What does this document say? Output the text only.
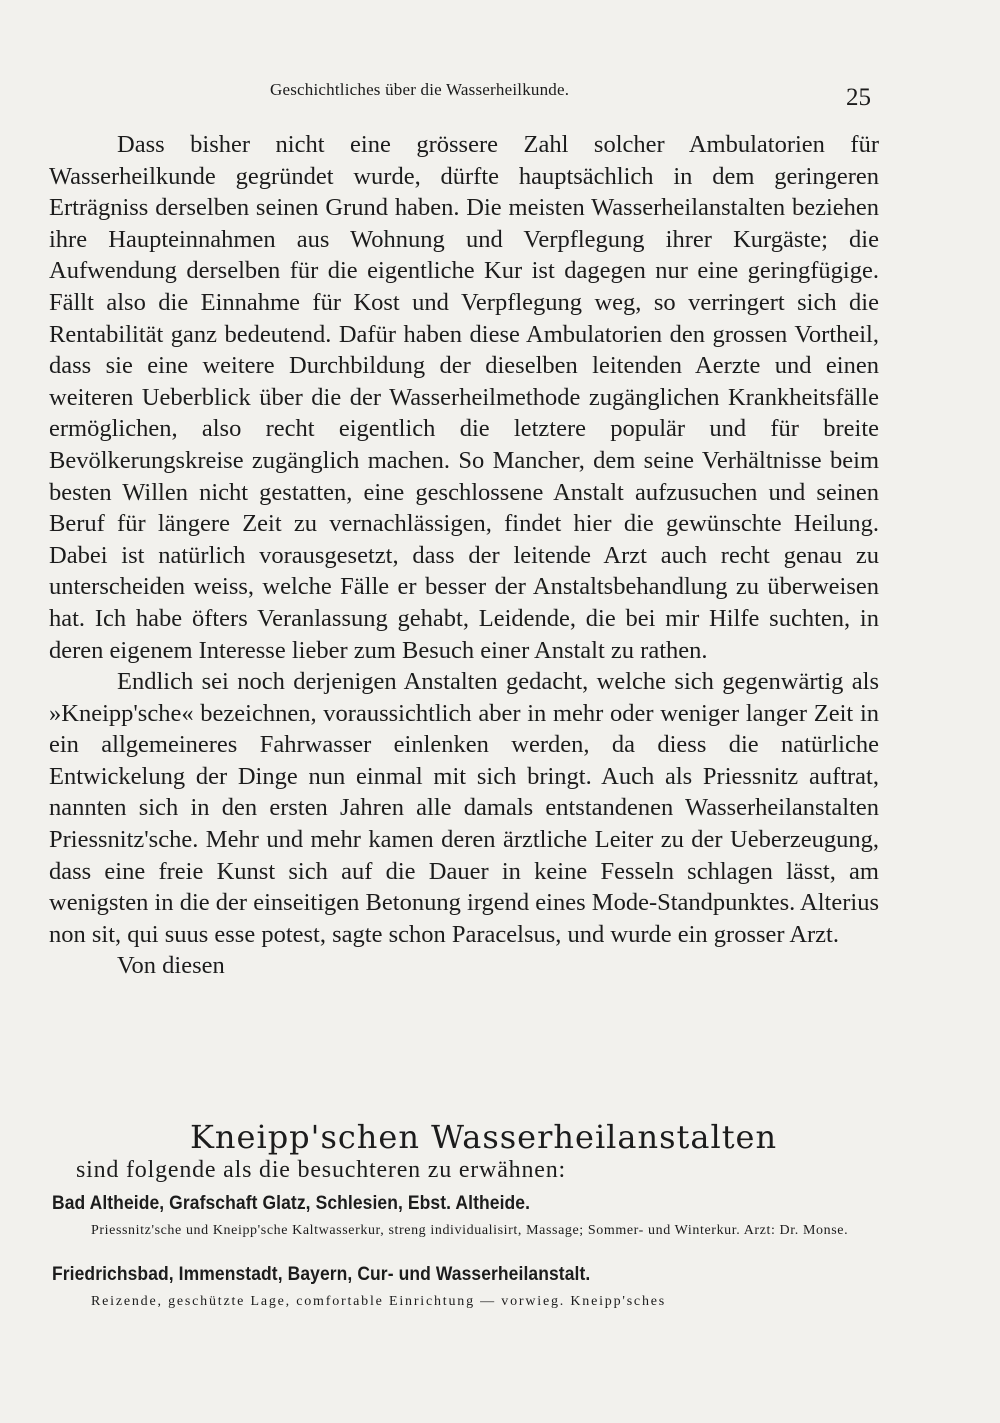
Geschichtliches über die Wasserheilkunde.	25

Dass bisher nicht eine grössere Zahl solcher Ambulatorien für Wasserheilkunde gegründet wurde, dürfte hauptsächlich in dem geringeren Erträgniss derselben seinen Grund haben. Die meisten Wasserheilanstalten beziehen ihre Haupteinnahmen aus Wohnung und Verpflegung ihrer Kurgäste; die Aufwendung derselben für die eigentliche Kur ist dagegen nur eine geringfügige. Fällt also die Einnahme für Kost und Verpflegung weg, so verringert sich die Rentabilität ganz bedeutend. Dafür haben diese Ambulatorien den grossen Vortheil, dass sie eine weitere Durchbildung der dieselben leitenden Aerzte und einen weiteren Ueberblick über die der Wasserheilmethode zugänglichen Krankheitsfälle ermöglichen, also recht eigentlich die letztere populär und für breite Bevölkerungskreise zugänglich machen. So Mancher, dem seine Verhältnisse beim besten Willen nicht gestatten, eine geschlossene Anstalt aufzusuchen und seinen Beruf für längere Zeit zu vernachlässigen, findet hier die gewünschte Heilung. Dabei ist natürlich vorausgesetzt, dass der leitende Arzt auch recht genau zu unterscheiden weiss, welche Fälle er besser der Anstaltsbehandlung zu überweisen hat. Ich habe öfters Veranlassung gehabt, Leidende, die bei mir Hilfe suchten, in deren eigenem Interesse lieber zum Besuch einer Anstalt zu rathen.

Endlich sei noch derjenigen Anstalten gedacht, welche sich gegenwärtig als »Kneipp'sche« bezeichnen, voraussichtlich aber in mehr oder weniger langer Zeit in ein allgemeineres Fahrwasser einlenken werden, da diess die natürliche Entwickelung der Dinge nun einmal mit sich bringt. Auch als Priessnitz auftrat, nannten sich in den ersten Jahren alle damals entstandenen Wasserheilanstalten Priessnitz'sche. Mehr und mehr kamen deren ärztliche Leiter zu der Ueberzeugung, dass eine freie Kunst sich auf die Dauer in keine Fesseln schlagen lässt, am wenigsten in die der einseitigen Betonung irgend eines Mode-Standpunktes. Alterius non sit, qui suus esse potest, sagte schon Paracelsus, und wurde ein grosser Arzt.

Von diesen

Kneipp'schen Wasserheilanstalten
sind folgende als die besuchteren zu erwähnen:
Bad Altheide, Grafschaft Glatz, Schlesien, Ebst. Altheide.
Priessnitz'sche und Kneipp'sche Kaltwasserkur, streng individualisirt, Massage; Sommer- und Winterkur. Arzt: Dr. Monse.
Friedrichsbad, Immenstadt, Bayern, Cur- und Wasserheilanstalt.
Reizende, geschützte Lage, comfortable Einrichtung — vorwieg. Kneipp'sches
